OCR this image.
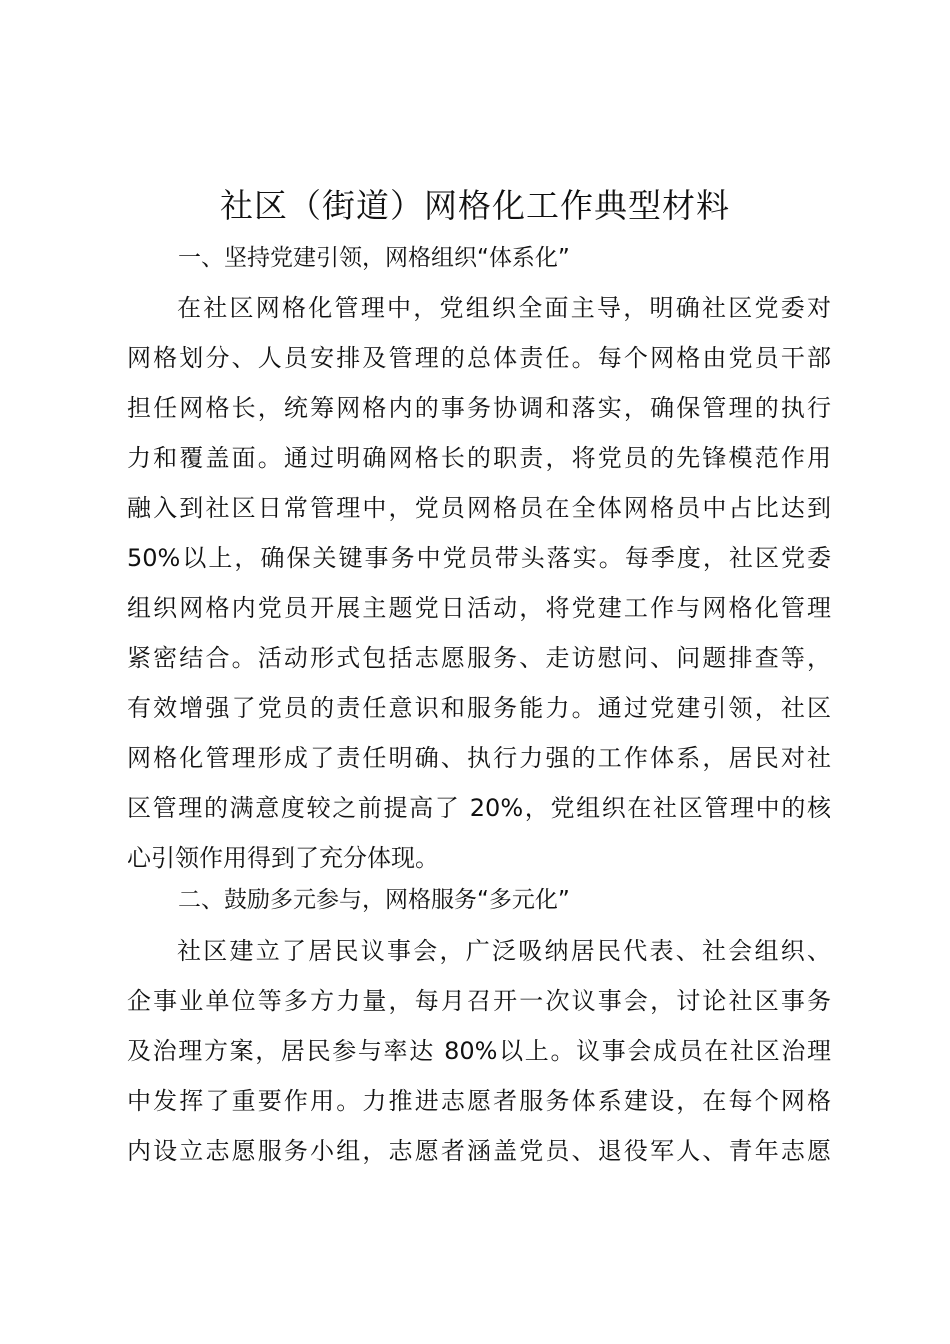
社区（街道）网格化工作典型材料
一、坚持党建引领，网格组织“体系化”
在社区网格化管理中，党组织全面主导，明确社区党委对
网格划分、人员安排及管理的总体责任。每个网格由党员干部
担任网格长，统筹网格内的事务协调和落实，确保管理的执行
力和覆盖面。通过明确网格长的职责，将党员的先锋模范作用
融入到社区日常管理中，党员网格员在全体网格员中占比达到
50%以上，确保关键事务中党员带头落实。每季度，社区党委
组织网格内党员开展主题党日活动，将党建工作与网格化管理
紧密结合。活动形式包括志愿服务、走访慰问、问题排查等，
有效增强了党员的责任意识和服务能力。通过党建引领，社区
网格化管理形成了责任明确、执行力强的工作体系，居民对社
区管理的满意度较之前提高了 20%，党组织在社区管理中的核
心引领作用得到了充分体现。
二、鼓励多元参与，网格服务“多元化”
社区建立了居民议事会，广泛吸纳居民代表、社会组织、
企事业单位等多方力量，每月召开一次议事会，讨论社区事务
及治理方案，居民参与率达 80%以上。议事会成员在社区治理
中发挥了重要作用。力推进志愿者服务体系建设，在每个网格
内设立志愿服务小组，志愿者涵盖党员、退役军人、青年志愿
